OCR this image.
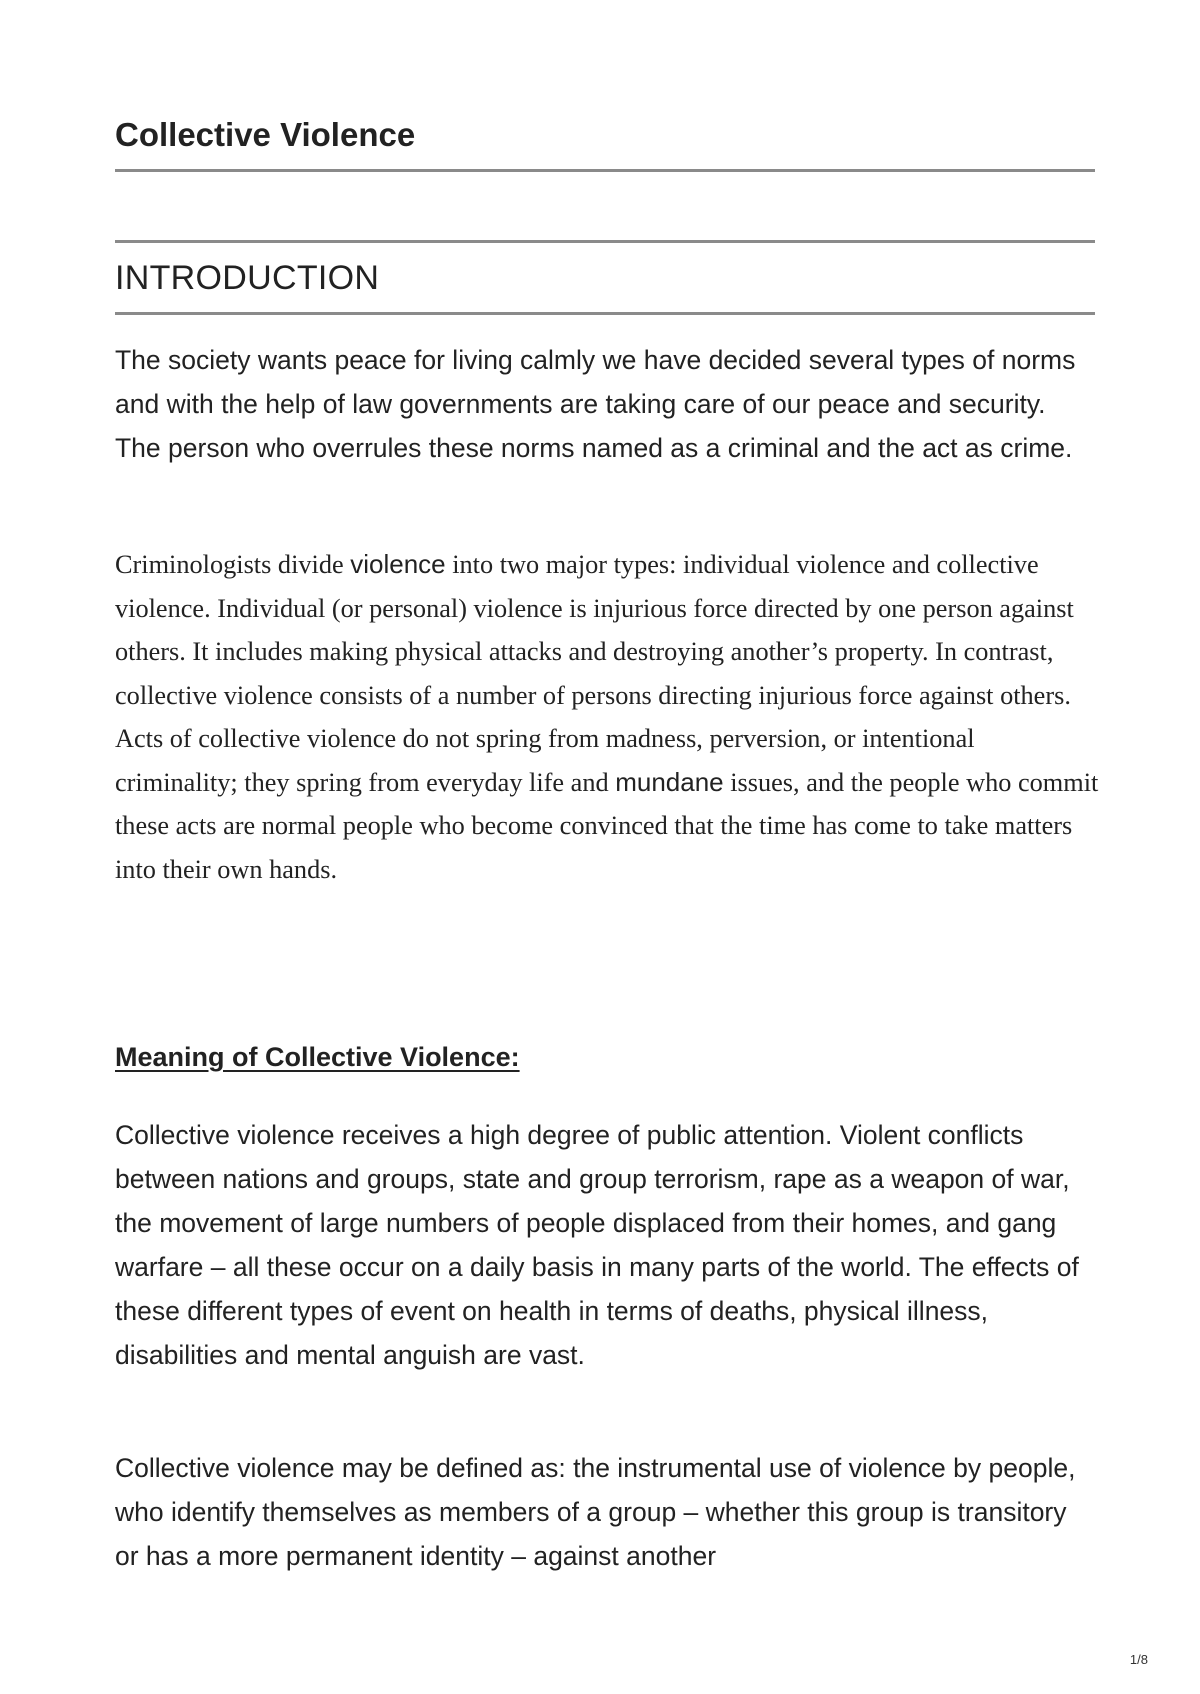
Collective Violence
INTRODUCTION

The society wants peace for living calmly we have decided several types of norms and with the help of law governments are taking care of our peace and security. The person who overrules these norms named as a criminal and the act as crime.

Criminologists divide violence into two major types: individual violence and collective violence. Individual (or personal) violence is injurious force directed by one person against others. It includes making physical attacks and destroying another’s property. In contrast, collective violence consists of a number of persons directing injurious force against others. Acts of collective violence do not spring from madness, perversion, or intentional criminality; they spring from everyday life and mundane issues, and the people who commit these acts are normal people who become convinced that the time has come to take matters into their own hands.

Meaning of Collective Violence:

Collective violence receives a high degree of public attention. Violent conflicts between nations and groups, state and group terrorism, rape as a weapon of war, the movement of large numbers of people displaced from their homes, and gang warfare – all these occur on a daily basis in many parts of the world. The effects of these different types of event on health in terms of deaths, physical illness, disabilities and mental anguish are vast.

Collective violence may be defined as: the instrumental use of violence by people, who identify themselves as members of a group – whether this group is transitory or has a more permanent identity – against another

1/8
